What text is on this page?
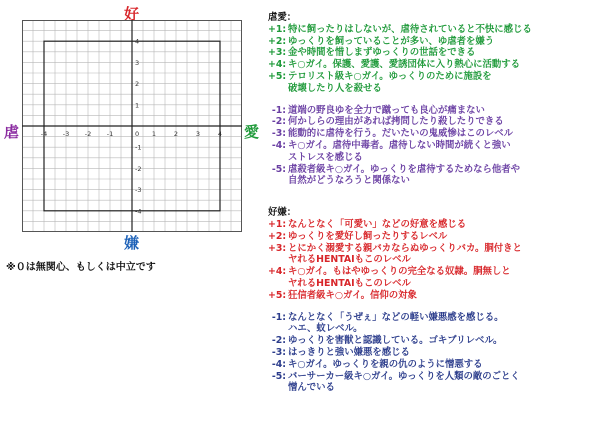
好
虐	愛
嫌
-4
-4
-3
-3
-2
-2
-1
-1
0 1
1
2
2
3
3
4
4
※０は無関心、もしくは中立です
虐愛：
+1: 特に飼ったりはしないが、虐待されていると不快に感じる
+2: ゆっくりを飼っていることが多い、ゆ虐者を嫌う
+3: 金や時間を惜しまずゆっくりの世話をできる
+4: キ○ガイ。保護、愛護、愛誘団体に入り熱心に活動する
+5: テロリスト級キ○ガイ。ゆっくりのために施設を
破壊したり人を殺せる
-1: 道端の野良ゆを全力で蹴っても良心が痛まない
-2: 何かしらの理由があれば拷問したり殺したりできる
-3: 能動的に虐待を行う。だいたいの鬼威惨はこのレベル
-4: キ○ガイ。虐待中毒者。虐待しない時間が続くと強い
ストレスを感じる
-5: 虐殺者級キ○ガイ。ゆっくりを虐待するためなら他者や
自然がどうなろうと関係ない
好嫌：
+1: なんとなく「可愛い」などの好意を感じる
+2: ゆっくりを愛好し飼ったりするレベル
+3: とにかく溺愛する親バカならぬゆっくりバカ。胴付きと
ヤれるHENTAIもこのレベル
+4: キ○ガイ。もはやゆっくりの完全なる奴隷。胴無しと
ヤれるHENTAIもこのレベル
+5: 狂信者級キ○ガイ。信仰の対象
-1: なんとなく「うぜぇ」などの軽い嫌悪感を感じる。
ハエ、蚊レベル。
-2: ゆっくりを害獣と認識している。ゴキブリレベル。
-3: はっきりと強い嫌悪を感じる
-4: キ○ガイ。ゆっくりを親の仇のように憎悪する
-5: バーサーカー級キ○ガイ。ゆっくりを人類の敵のごとく
憎んでいる
